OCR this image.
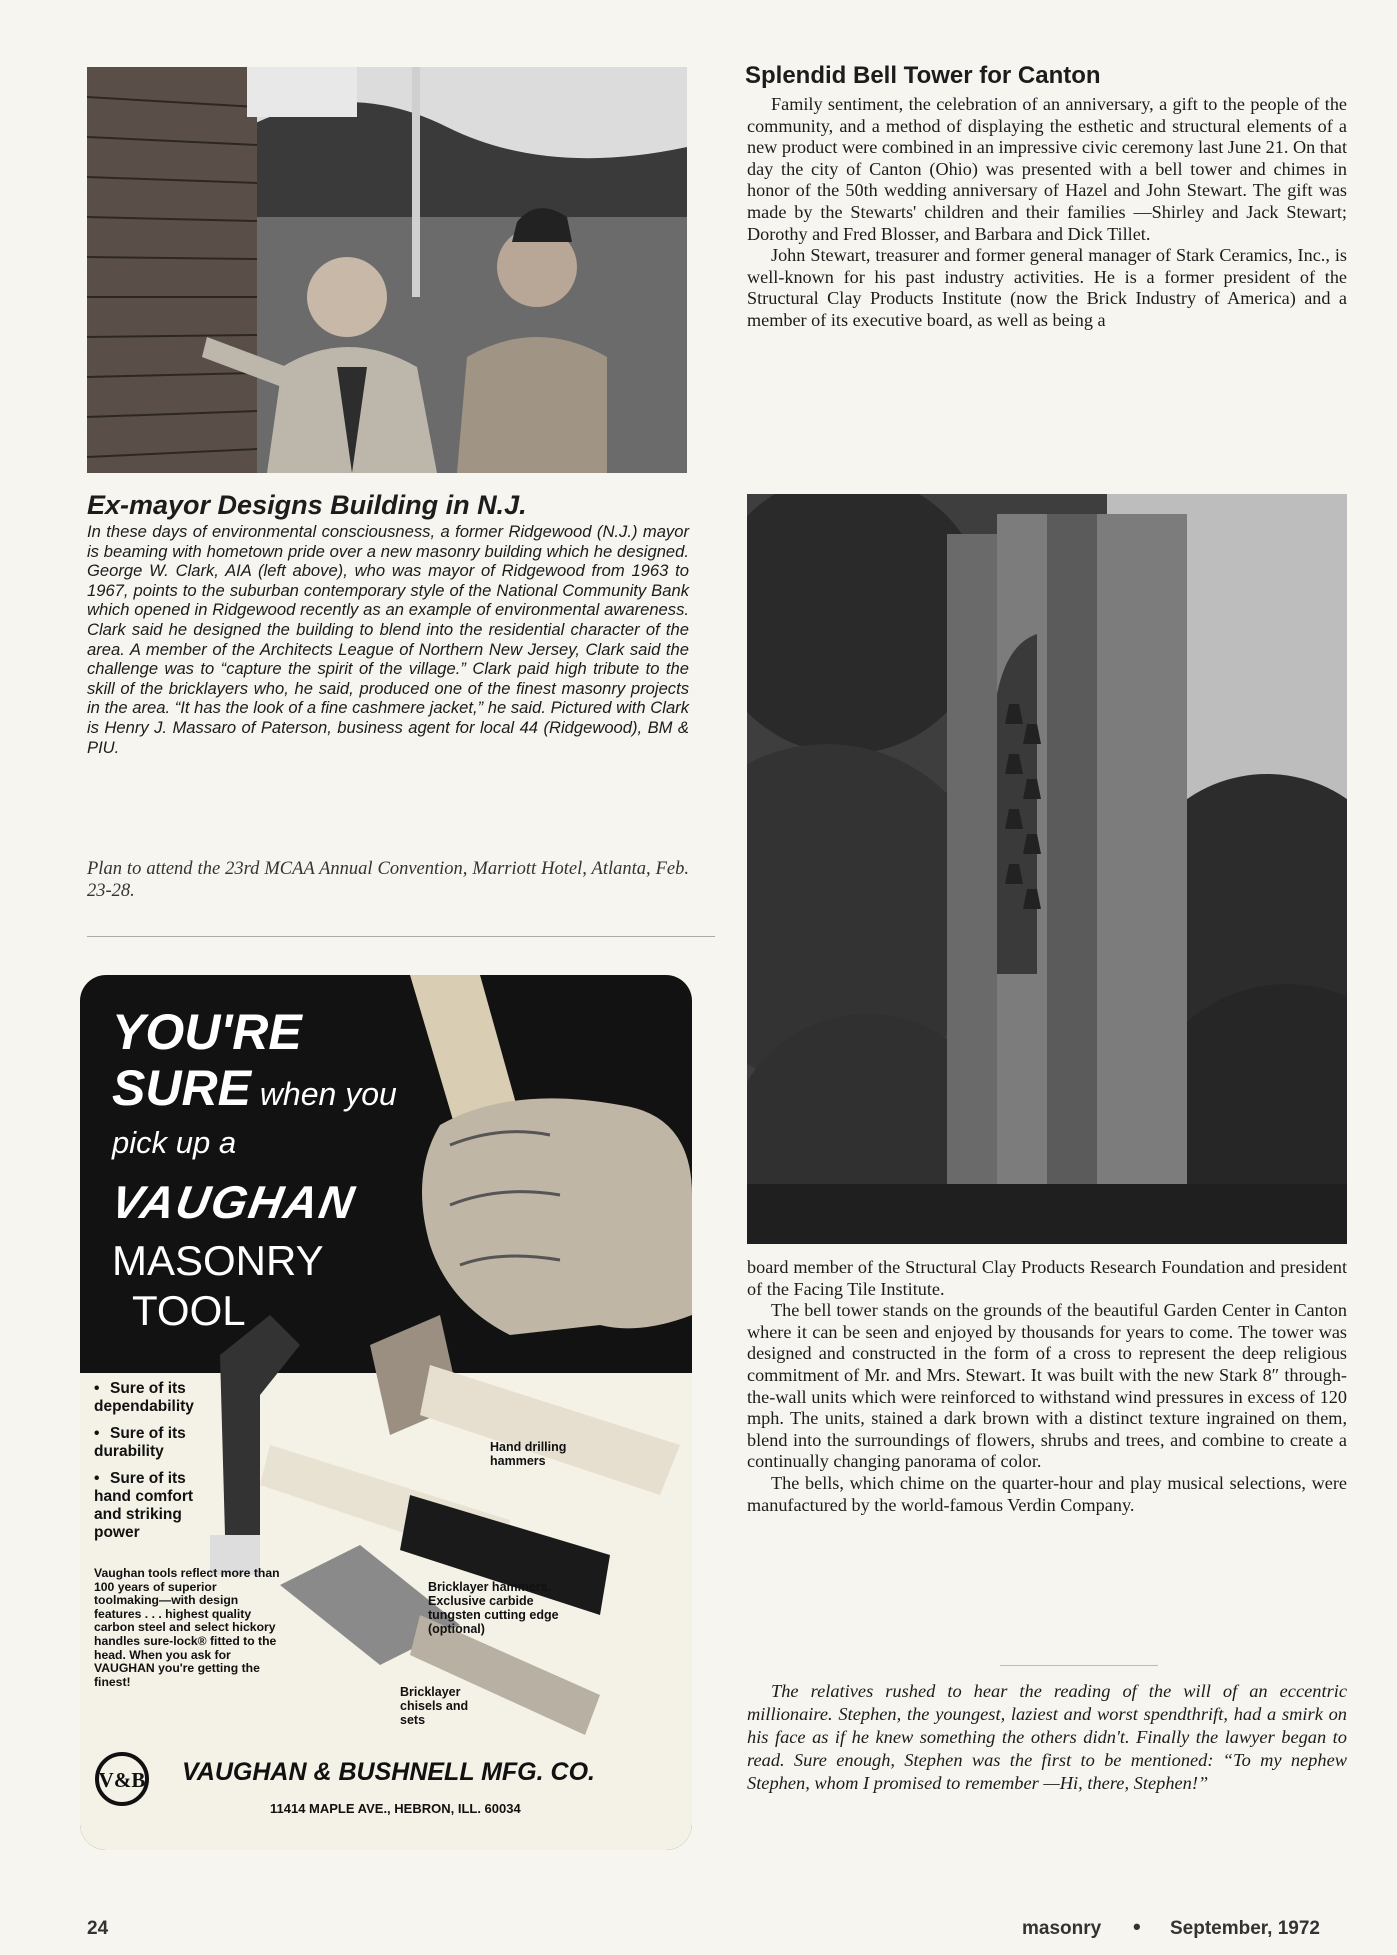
Ex-mayor Designs Building in N.J.

In these days of environmental consciousness, a former Ridgewood (N.J.) mayor is beaming with hometown pride over a new masonry building which he designed. George W. Clark, AIA (left above), who was mayor of Ridgewood from 1963 to 1967, points to the suburban contemporary style of the National Community Bank which opened in Ridgewood recently as an example of environmental awareness. Clark said he designed the building to blend into the residential character of the area. A member of the Architects League of Northern New Jersey, Clark said the challenge was to “capture the spirit of the village.” Clark paid high tribute to the skill of the bricklayers who, he said, produced one of the finest masonry projects in the area. “It has the look of a fine cashmere jacket,” he said. Pictured with Clark is Henry J. Massaro of Paterson, business agent for local 44 (Ridgewood), BM & PIU.

Plan to attend the 23rd MCAA Annual Convention, Marriott Hotel, Atlanta, Feb. 23-28.

Splendid Bell Tower for Canton

Family sentiment, the celebration of an anniversary, a gift to the people of the community, and a method of displaying the esthetic and structural elements of a new product were combined in an impressive civic ceremony last June 21. On that day the city of Canton (Ohio) was presented with a bell tower and chimes in honor of the 50th wedding anniversary of Hazel and John Stewart. The gift was made by the Stewarts' children and their families —Shirley and Jack Stewart; Dorothy and Fred Blosser, and Barbara and Dick Tillet.

John Stewart, treasurer and former general manager of Stark Ceramics, Inc., is well-known for his past industry activities. He is a former president of the Structural Clay Products Institute (now the Brick Industry of America) and a member of its executive board, as well as being a

board member of the Structural Clay Products Research Foundation and president of the Facing Tile Institute.

The bell tower stands on the grounds of the beautiful Garden Center in Canton where it can be seen and enjoyed by thousands for years to come. The tower was designed and constructed in the form of a cross to represent the deep religious commitment of Mr. and Mrs. Stewart. It was built with the new Stark 8″ through-the-wall units which were reinforced to withstand wind pressures in excess of 120 mph. The units, stained a dark brown with a distinct texture ingrained on them, blend into the surroundings of flowers, shrubs and trees, and combine to create a continually changing panorama of color.

The bells, which chime on the quarter-hour and play musical selections, were manufactured by the world-famous Verdin Company.

The relatives rushed to hear the reading of the will of an eccentric millionaire. Stephen, the youngest, laziest and worst spendthrift, had a smirk on his face as if he knew something the others didn't. Finally the lawyer began to read. Sure enough, Stephen was the first to be mentioned: “To my nephew Stephen, whom I promised to remember —Hi, there, Stephen!”

YOU'RE

SURE when you

pick up a

VAUGHAN

MASONRY

TOOL

• Sure of its dependability

• Sure of its durability

• Sure of its hand comfort and striking power

Vaughan tools reflect more than 100 years of superior toolmaking—with design features . . . highest quality carbon steel and select hickory handles sure-lock® fitted to the head. When you ask for VAUGHAN you're getting the finest!

Hand drilling hammers

Bricklayer hammers. Exclusive carbide tungsten cutting edge (optional)

Bricklayer chisels and sets

V&B VAUGHAN & BUSHNELL MFG. CO.

11414 MAPLE AVE., HEBRON, ILL. 60034

24	masonry • September, 1972
